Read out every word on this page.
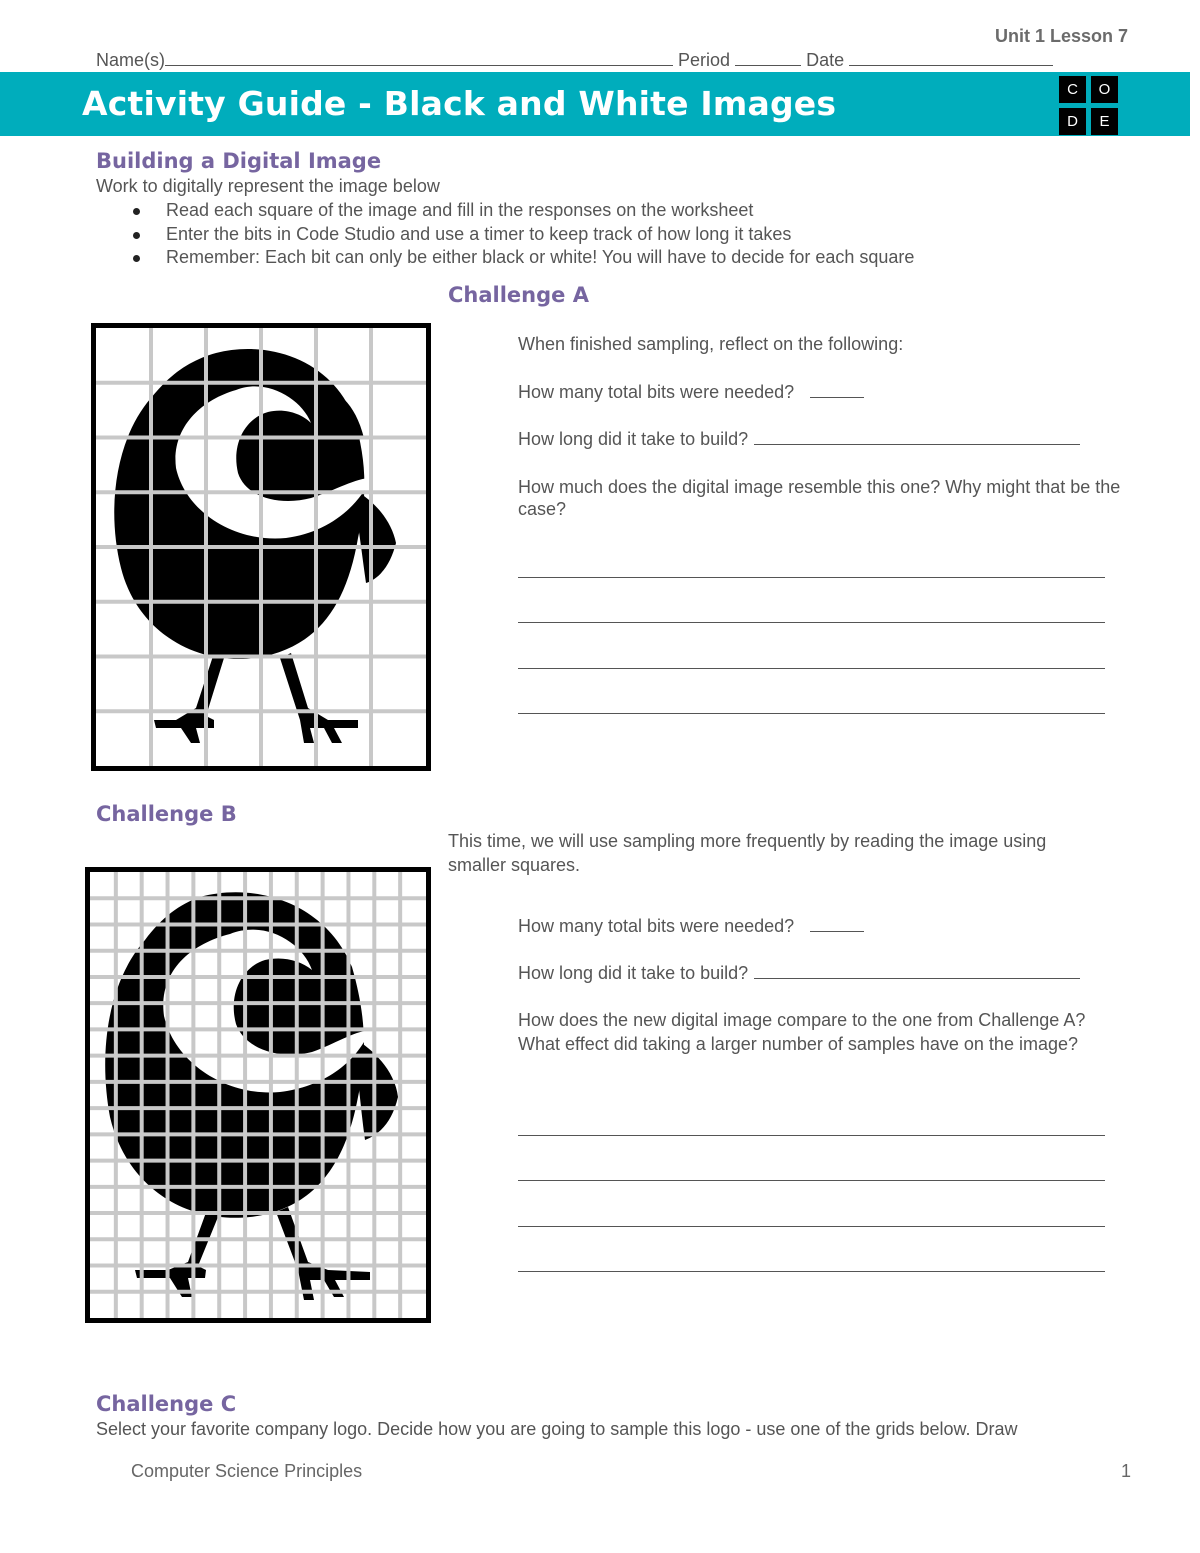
Unit 1 Lesson 7
Name(s)	Period	Date
Activity Guide - Black and White Images	C	O
D	E
Building a Digital Image
Work to digitally represent the image below
Read each square of the image and fill in the responses on the worksheet
Enter the bits in Code Studio and use a timer to keep track of how long it takes
Remember: Each bit can only be either black or white! You will have to decide for each square
Challenge A
When finished sampling, reflect on the following:
How many total bits were needed?
How long did it take to build?
How much does the digital image resemble this one? Why might that be the case?
Challenge B
This time, we will use sampling more frequently by reading the image using smaller squares.
How many total bits were needed?
How long did it take to build?
How does the new digital image compare to the one from Challenge A? What effect did taking a larger number of samples have on the image?
Challenge C
Select your favorite company logo. Decide how you are going to sample this logo - use one of the grids below. Draw
Computer Science Principles	1
